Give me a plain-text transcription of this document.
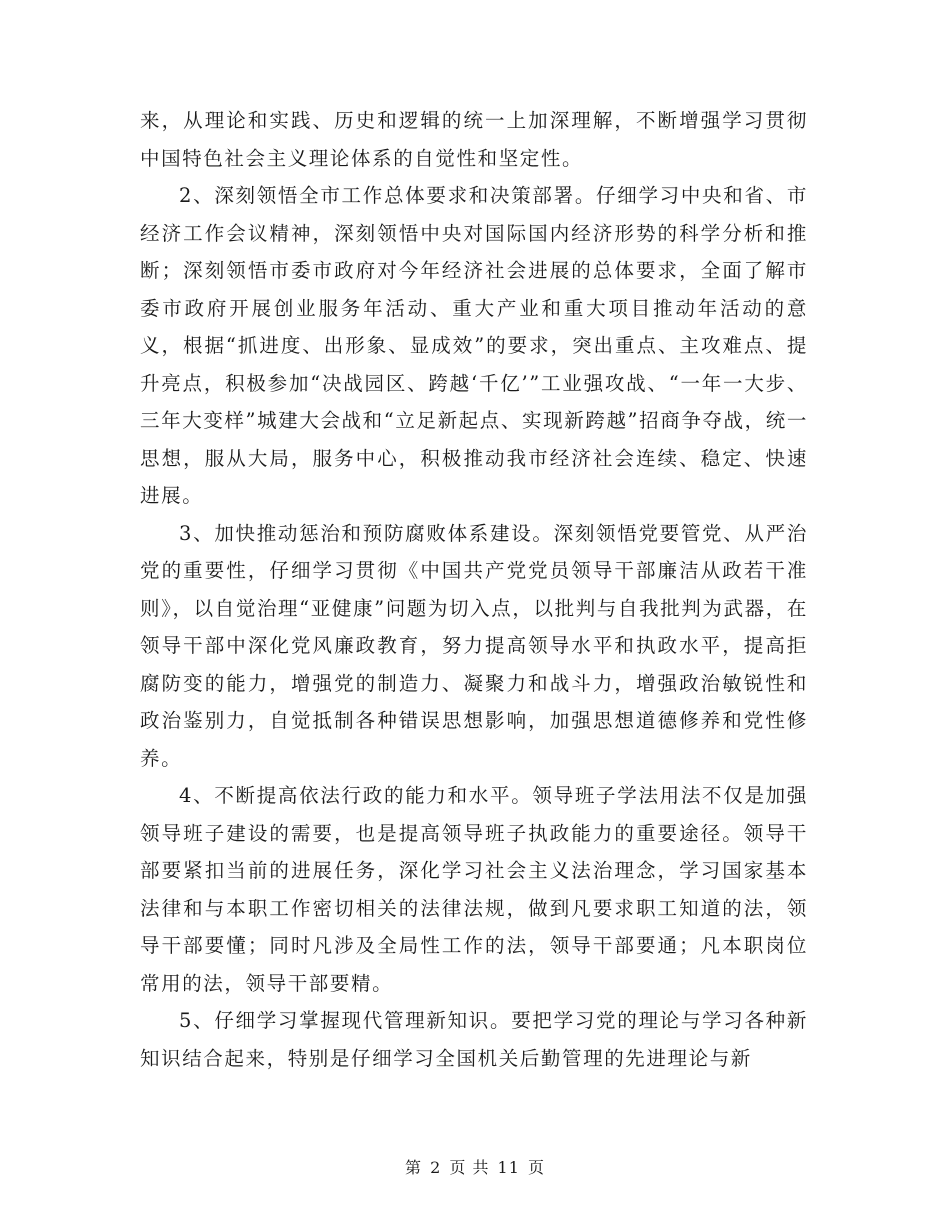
来，从理论和实践、历史和逻辑的统一上加深理解，不断增强学习贯彻中国特色社会主义理论体系的自觉性和坚定性。

2、深刻领悟全市工作总体要求和决策部署。仔细学习中央和省、市经济工作会议精神，深刻领悟中央对国际国内经济形势的科学分析和推断；深刻领悟市委市政府对今年经济社会进展的总体要求，全面了解市委市政府开展创业服务年活动、重大产业和重大项目推动年活动的意义，根据“抓进度、出形象、显成效”的要求，突出重点、主攻难点、提升亮点，积极参加“决战园区、跨越‘千亿’”工业强攻战、“一年一大步、三年大变样”城建大会战和“立足新起点、实现新跨越”招商争夺战，统一思想，服从大局，服务中心，积极推动我市经济社会连续、稳定、快速进展。

3、加快推动惩治和预防腐败体系建设。深刻领悟党要管党、从严治党的重要性，仔细学习贯彻《中国共产党党员领导干部廉洁从政若干准则》，以自觉治理“亚健康”问题为切入点，以批判与自我批判为武器，在领导干部中深化党风廉政教育，努力提高领导水平和执政水平，提高拒腐防变的能力，增强党的制造力、凝聚力和战斗力，增强政治敏锐性和政治鉴别力，自觉抵制各种错误思想影响，加强思想道德修养和党性修养。

4、不断提高依法行政的能力和水平。领导班子学法用法不仅是加强领导班子建设的需要，也是提高领导班子执政能力的重要途径。领导干部要紧扣当前的进展任务，深化学习社会主义法治理念，学习国家基本法律和与本职工作密切相关的法律法规，做到凡要求职工知道的法，领导干部要懂；同时凡涉及全局性工作的法，领导干部要通；凡本职岗位常用的法，领导干部要精。

5、仔细学习掌握现代管理新知识。要把学习党的理论与学习各种新知识结合起来，特别是仔细学习全国机关后勤管理的先进理论与新

第 2 页 共 11 页
